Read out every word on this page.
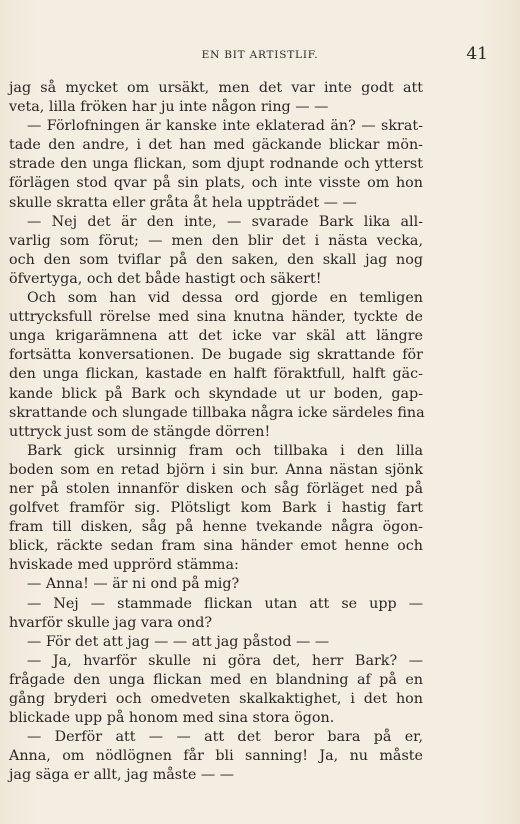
EN BIT ARTISTLIF.	41
jag så mycket om ursäkt, men det var inte godt att
veta, lilla fröken har ju inte någon ring — —
— Förlofningen är kanske inte eklaterad än? — skrat-
tade den andre, i det han med gäckande blickar mön-
strade den unga flickan, som djupt rodnande och ytterst
förlägen stod qvar på sin plats, och inte visste om hon
skulle skratta eller gråta åt hela uppträdet — —
— Nej det är den inte, — svarade Bark lika all-
varlig som förut; — men den blir det i nästa vecka,
och den som tviflar på den saken, den skall jag nog
öfvertyga, och det både hastigt och säkert!
Och som han vid dessa ord gjorde en temligen
uttrycksfull rörelse med sina knutna händer, tyckte de
unga krigarämnena att det icke var skäl att längre
fortsätta konversationen. De bugade sig skrattande för
den unga flickan, kastade en halft föraktfull, halft gäc-
kande blick på Bark och skyndade ut ur boden, gap-
skrattande och slungade tillbaka några icke särdeles fina
uttryck just som de stängde dörren!
Bark gick ursinnig fram och tillbaka i den lilla
boden som en retad björn i sin bur. Anna nästan sjönk
ner på stolen innanför disken och såg förläget ned på
golfvet framför sig. Plötsligt kom Bark i hastig fart
fram till disken, såg på henne tvekande några ögon-
blick, räckte sedan fram sina händer emot henne och
hviskade med upprörd stämma:
— Anna! — är ni ond på mig?
— Nej — stammade flickan utan att se upp —
hvarför skulle jag vara ond?
— För det att jag — — att jag påstod — —
— Ja, hvarför skulle ni göra det, herr Bark? —
frågade den unga flickan med en blandning af på en
gång bryderi och omedveten skalkaktighet, i det hon
blickade upp på honom med sina stora ögon.
— Derför att — — att det beror bara på er,
Anna, om nödlögnen får bli sanning! Ja, nu måste
jag säga er allt, jag måste — —
